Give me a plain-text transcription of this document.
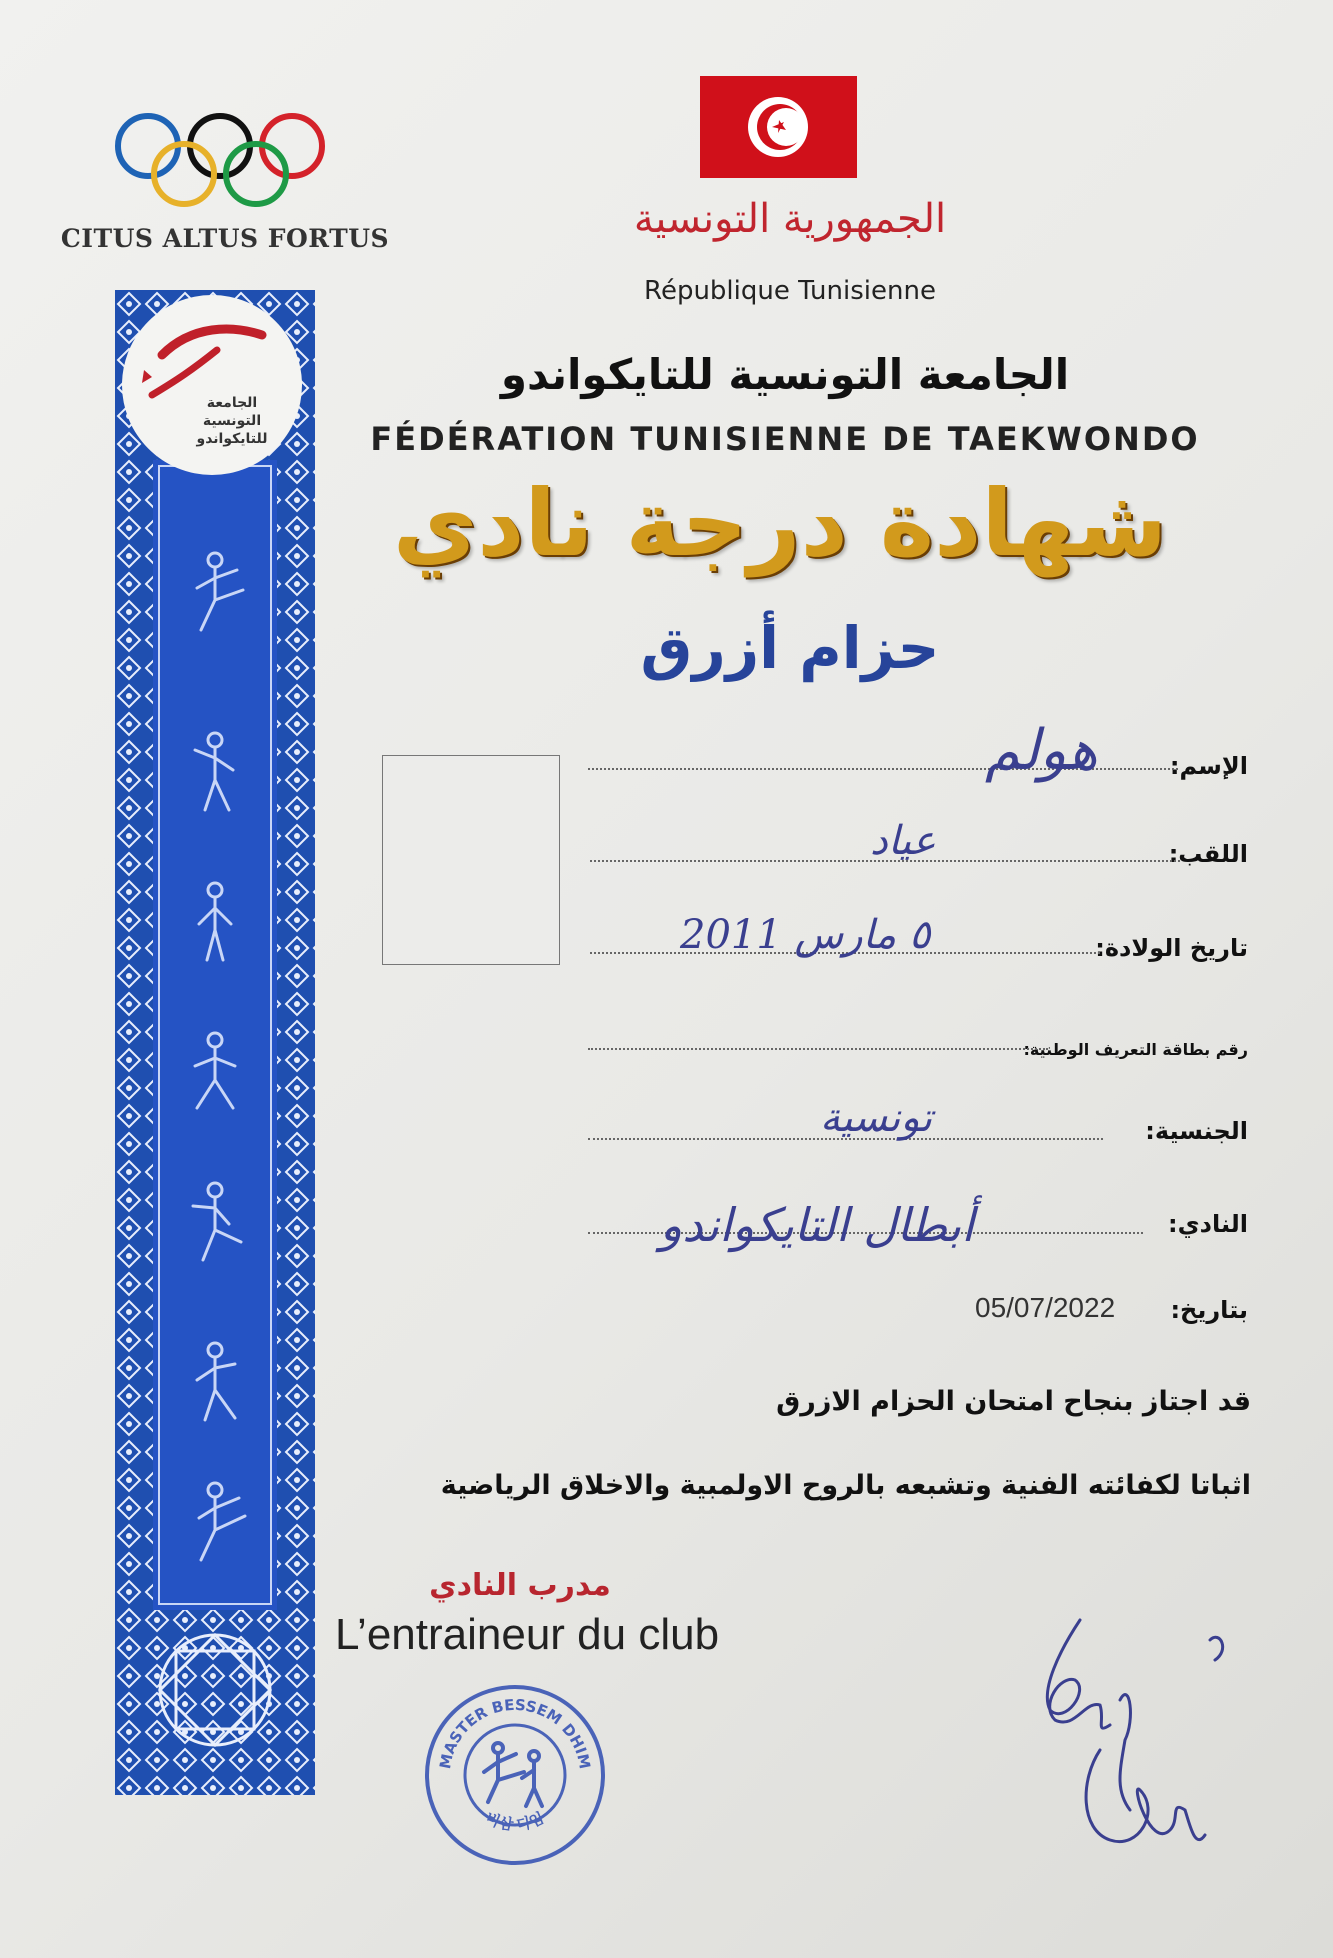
CITUS ALTUS FORTUS	الجمهورية التونسية
République Tunisienne
الجامعة
التونسية
للتايكواندو
الجامعة التونسية للتايكواندو
FÉDÉRATION TUNISIENNE DE TAEKWONDO
شهادة درجة نادي
حزام أزرق
الإسم:
هولم
اللقب:
عياد
تاريخ الولادة:
٥ مارس 2011
رقم بطاقة التعريف الوطنية:
الجنسية:
تونسية
النادي:
أبطال التايكواندو
بتاريخ:
05/07/2022
قد اجتاز بنجاح امتحان الحزام الازرق
اثباتا لكفائته الفنية وتشبعه بالروح الاولمبية والاخلاق الرياضية
مدرب النادي
L’entraineur du club
MASTER BESSEM DHIM
바삼 다임
